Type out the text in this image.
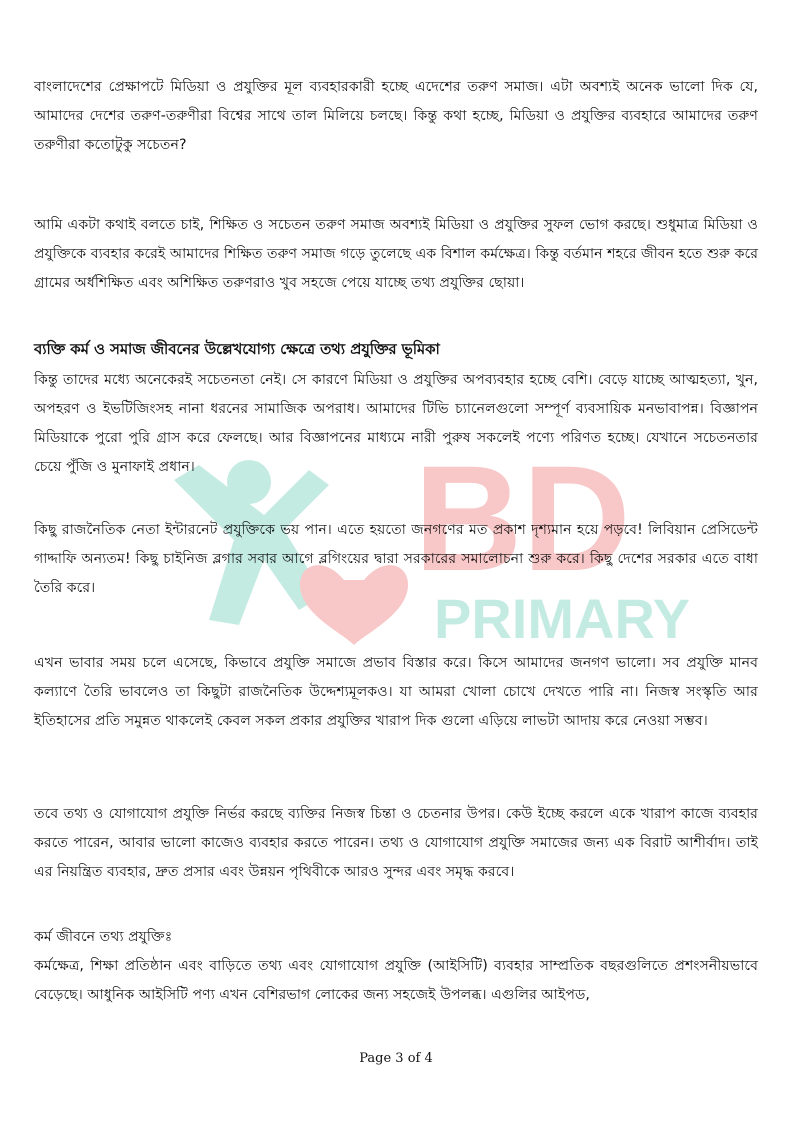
BD
PRIMARY

বাংলাদেশের প্রেক্ষাপটে মিডিয়া ও প্রযুক্তির মূল ব্যবহারকারী হচ্ছে এদেশের তরুণ সমাজ। এটা অবশ্যই অনেক ভালো দিক যে, আমাদের দেশের তরুণ-তরুণীরা বিশ্বের সাথে তাল মিলিয়ে চলছে। কিন্তু কথা হচ্ছে, মিডিয়া ও প্রযুক্তির ব্যবহারে আমাদের তরুণ তরুণীরা কতোটুকু সচেতন?

আমি একটা কথাই বলতে চাই, শিক্ষিত ও সচেতন তরুণ সমাজ অবশ্যই মিডিয়া ও প্রযুক্তির সুফল ভোগ করছে। শুধুমাত্র মিডিয়া ও প্রযুক্তিকে ব্যবহার করেই আমাদের শিক্ষিত তরুণ সমাজ গড়ে তুলেছে এক বিশাল কর্মক্ষেত্র। কিন্তু বর্তমান শহরে জীবন হতে শুরু করে গ্রামের অর্ধশিক্ষিত এবং অশিক্ষিত তরুণরাও খুব সহজে পেয়ে যাচ্ছে তথ্য প্রযুক্তির ছোয়া।

ব্যক্তি কর্ম ও সমাজ জীবনের উল্লেখযোগ্য ক্ষেত্রে তথ্য প্রযুক্তির ভূমিকা

কিন্তু তাদের মধ্যে অনেকেরই সচেতনতা নেই। সে কারণে মিডিয়া ও প্রযুক্তির অপব্যবহার হচ্ছে বেশি। বেড়ে যাচ্ছে আত্মহত্যা, খুন, অপহরণ ও ইভটিজিংসহ নানা ধরনের সামাজিক অপরাধ। আমাদের টিভি চ্যানেলগুলো সম্পূর্ণ ব্যবসায়িক মনভাবাপন্ন। বিজ্ঞাপন মিডিয়াকে পুরো পুরি গ্রাস করে ফেলছে। আর বিজ্ঞাপনের মাধ্যমে নারী পুরুষ সকলেই পণ্যে পরিণত হচ্ছে। যেখানে সচেতনতার চেয়ে পুঁজি ও মুনাফাই প্রধান।

কিছু রাজনৈতিক নেতা ইন্টারনেট প্রযুক্তিকে ভয় পান। এতে হয়তো জনগণের মত প্রকাশ দৃশ্যমান হয়ে পড়বে! লিবিয়ান প্রেসিডেন্ট গাদ্দাফি অন্যতম! কিছু চাইনিজ ব্লগার সবার আগে ব্লগিংয়ের দ্বারা সরকারের সমালোচনা শুরু করে। কিছু দেশের সরকার এতে বাধা তৈরি করে।

এখন ভাবার সময় চলে এসেছে, কিভাবে প্রযুক্তি সমাজে প্রভাব বিস্তার করে। কিসে আমাদের জনগণ ভালো। সব প্রযুক্তি মানব কল্যাণে তৈরি ভাবলেও তা কিছুটা রাজনৈতিক উদ্দেশ্যমূলকও। যা আমরা খোলা চোখে দেখতে পারি না। নিজস্ব সংস্কৃতি আর ইতিহাসের প্রতি সমুন্নত থাকলেই কেবল সকল প্রকার প্রযুক্তির খারাপ দিক গুলো এড়িয়ে লাভটা আদায় করে নেওয়া সম্ভব।

তবে তথ্য ও যোগাযোগ প্রযুক্তি নির্ভর করছে ব্যক্তির নিজস্ব চিন্তা ও চেতনার উপর। কেউ ইচ্ছে করলে একে খারাপ কাজে ব্যবহার করতে পারেন, আবার ভালো কাজেও ব্যবহার করতে পারেন। তথ্য ও যোগাযোগ প্রযুক্তি সমাজের জন্য এক বিরাট আশীর্বাদ। তাই এর নিয়ন্ত্রিত ব্যবহার, দ্রুত প্রসার এবং উন্নয়ন পৃথিবীকে আরও সুন্দর এবং সমৃদ্ধ করবে।

কর্ম জীবনে তথ্য প্রযুক্তিঃ

কর্মক্ষেত্র, শিক্ষা প্রতিষ্ঠান এবং বাড়িতে তথ্য এবং যোগাযোগ প্রযুক্তি (আইসিটি) ব্যবহার সাম্প্রতিক বছরগুলিতে প্রশংসনীয়ভাবে বেড়েছে। আধুনিক আইসিটি পণ্য এখন বেশিরভাগ লোকের জন্য সহজেই উপলব্ধ। এগুলির আইপড,

Page 3 of 4
